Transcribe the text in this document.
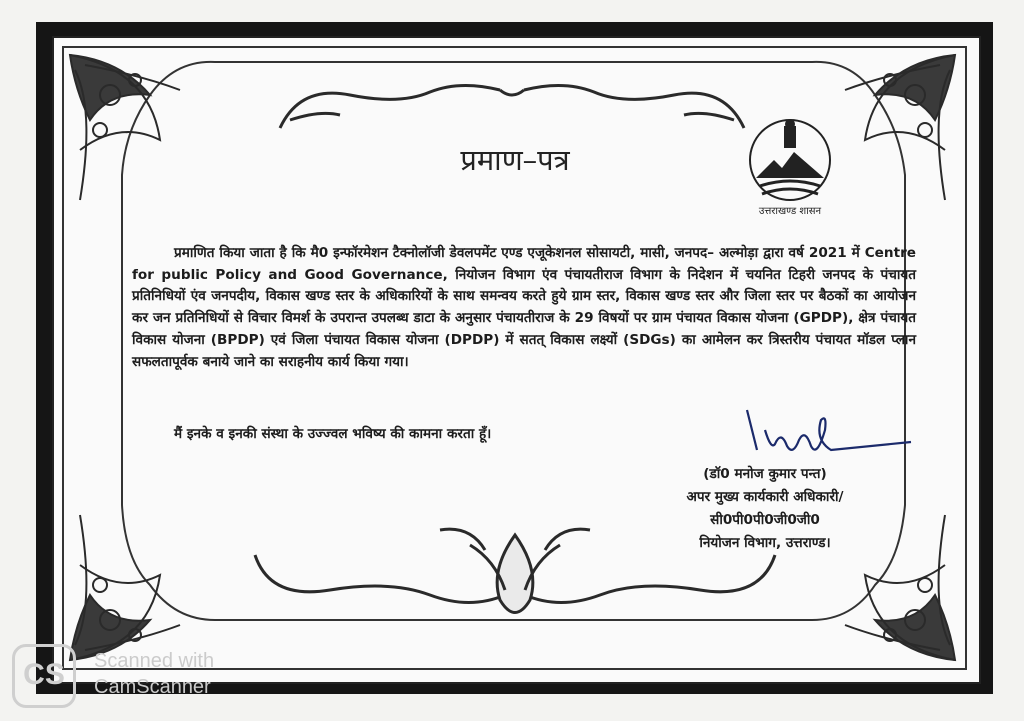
प्रमाण–पत्र
उत्तराखण्ड शासन
प्रमाणित किया जाता है कि मै0 इन्फॉरमेशन टैक्नोलॉजी डेवलपमेंट एण्ड एजूकेशनल सोसायटी, मासी, जनपद– अल्मोड़ा द्वारा वर्ष 2021 में Centre for public Policy and Good Governance, नियोजन विभाग एंव पंचायतीराज विभाग के निदेशन में चयनित टिहरी जनपद के पंचायत प्रतिनिधियों एंव जनपदीय, विकास खण्ड स्तर के अधिकारियों के साथ समन्वय करते हुये ग्राम स्तर, विकास खण्ड स्तर और जिला स्तर पर बैठकों का आयोजन कर जन प्रतिनिधियों से विचार विमर्श के उपरान्त उपलब्ध डाटा के अनुसार पंचायतीराज के 29 विषयों पर ग्राम पंचायत विकास योजना (GPDP), क्षेत्र पंचायत विकास योजना (BPDP) एवं जिला पंचायत विकास योजना (DPDP) में सतत् विकास लक्ष्यों (SDGs) का आमेलन कर त्रिस्तरीय पंचायत मॉडल प्लान सफलतापूर्वक बनाये जाने का सराहनीय कार्य किया गया।
मैं इनके व इनकी संस्था के उज्ज्वल भविष्य की कामना करता हूँ।
(डॉ0 मनोज कुमार पन्त)
अपर मुख्य कार्यकारी अधिकारी/
सी0पी0पी0जी0जी0
नियोजन विभाग, उत्तराण्ड।
CS	Scanned with
CamScanner
